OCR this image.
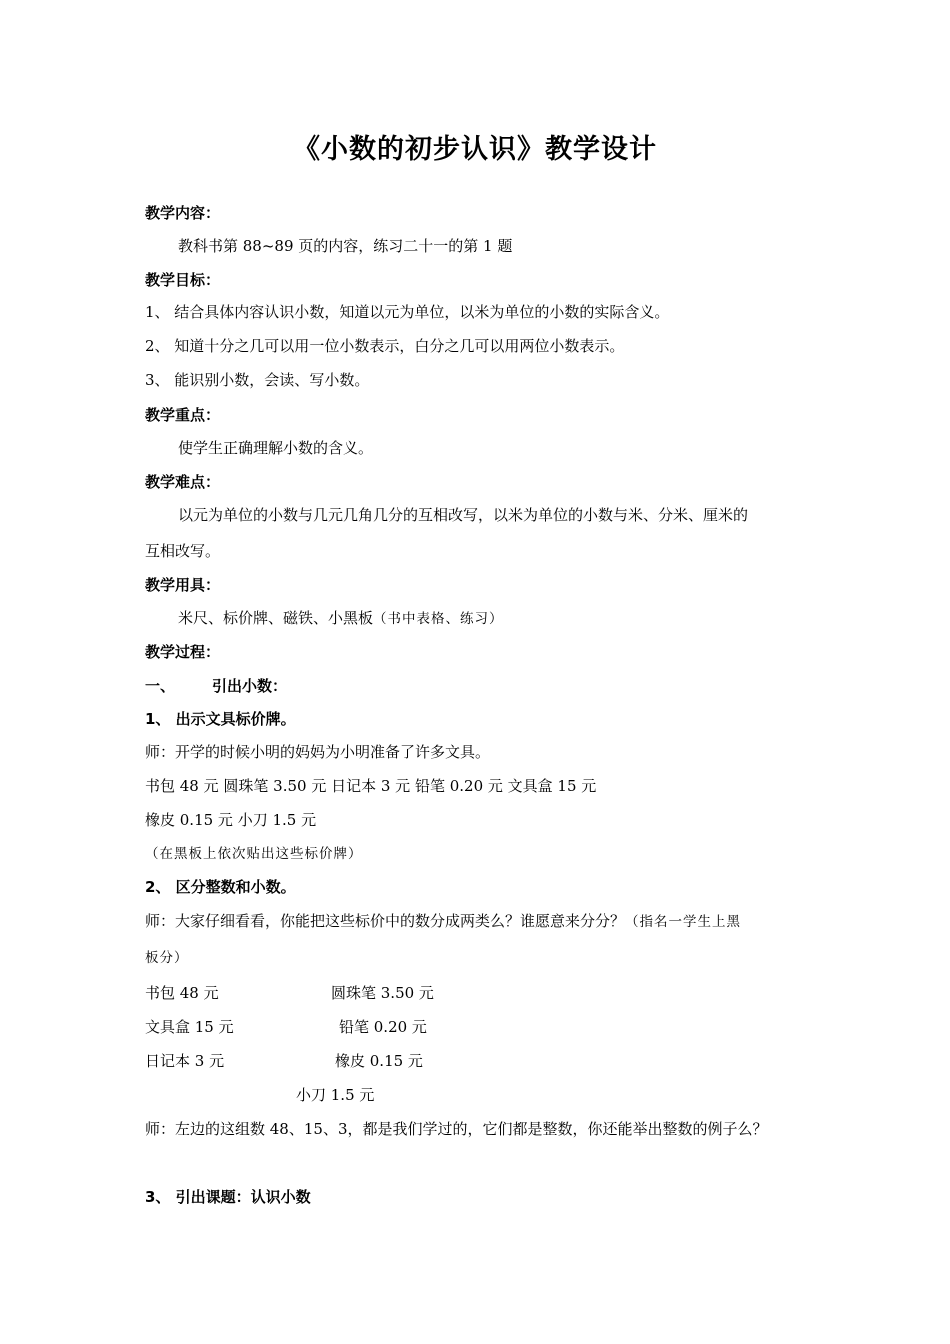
《小数的初步认识》教学设计
教学内容：
教科书第 88~89 页的内容，练习二十一的第 1 题
教学目标：
1、 结合具体内容认识小数，知道以元为单位，以米为单位的小数的实际含义。
2、 知道十分之几可以用一位小数表示，白分之几可以用两位小数表示。
3、 能识别小数，会读、写小数。
教学重点：
使学生正确理解小数的含义。
教学难点：
以元为单位的小数与几元几角几分的互相改写，以米为单位的小数与米、分米、厘米的
互相改写。
教学用具：
米尺、标价牌、磁铁、小黑板（书中表格、练习）
教学过程：
一、 引出小数：
1、 出示文具标价牌。
师：开学的时候小明的妈妈为小明准备了许多文具。
书包 48 元 圆珠笔 3.50 元 日记本 3 元 铅笔 0.20 元 文具盒 15 元
橡皮 0.15 元 小刀 1.5 元
（在黑板上依次贴出这些标价牌）
2、 区分整数和小数。
师：大家仔细看看，你能把这些标价中的数分成两类么？谁愿意来分分？（指名一学生上黑
板分）
书包 48 元
文具盒 15 元
日记本 3 元
圆珠笔 3.50 元
铅笔 0.20 元
橡皮 0.15 元
小刀 1.5 元
师：左边的这组数 48、15、3，都是我们学过的，它们都是整数，你还能举出整数的例子么？
3、 引出课题：认识小数
